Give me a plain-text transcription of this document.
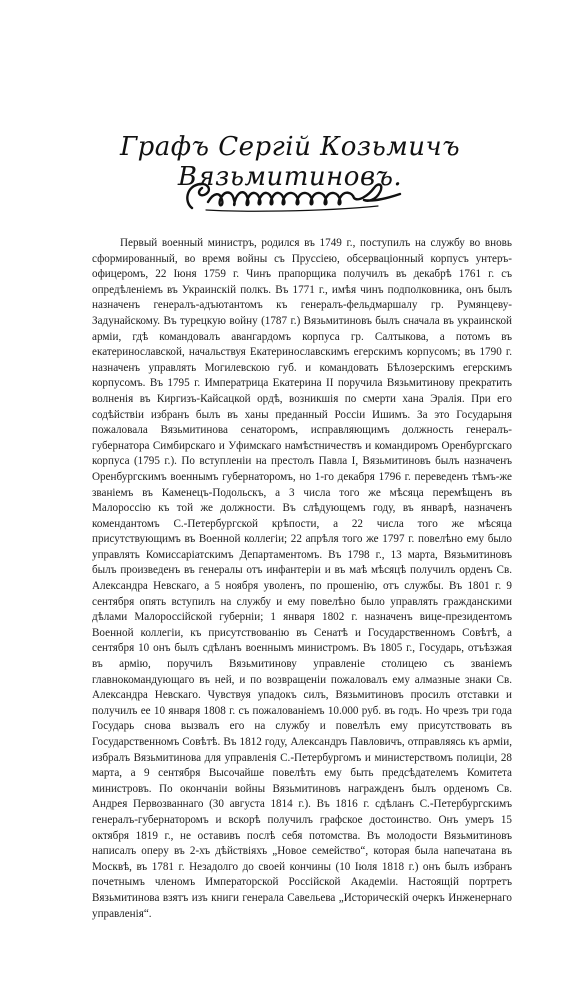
Графъ Сергiй Козьмичъ Вязьмитиновъ.

Первый военный министръ, родился въ 1749 г., поступилъ на службу во вновь сформированный, во время войны съ Пруссiею, обсерваціонный корпусъ унтеръ-офицеромъ, 22 Іюня 1759 г. Чинъ прапорщика получилъ въ декабрѣ 1761 г. съ опредѣленiемъ въ Украинскій полкъ. Въ 1771 г., имѣя чинъ подполковника, онъ былъ назначенъ генералъ-адъютантомъ къ генералъ-фельдмаршалу гр. Румянцеву-Задунайскому. Въ турецкую войну (1787 г.) Вязьмитиновъ былъ сначала въ украинской арміи, гдѣ командовалъ авангардомъ корпуса гр. Салтыкова, а потомъ въ екатеринославской, начальствуя Екатеринославскимъ егерскимъ корпусомъ; въ 1790 г. назначенъ управлять Могилевскою губ. и командовать Бѣлозерскимъ егерскимъ корпусомъ. Въ 1795 г. Императрица Екатерина II поручила Вязьмитинову прекратить волненія въ Киргизъ-Кайсацкой ордѣ, возникшія по смерти хана Эралія. При его содѣйствіи избранъ былъ въ ханы преданный Россіи Ишимъ. За это Государыня пожаловала Вязьмитинова сенаторомъ, исправляющимъ должность генералъ-губернатора Симбирскаго и Уфимскаго намѣстничествъ и командиромъ Оренбургскаго корпуса (1795 г.). По вступленіи на престолъ Павла I, Вязьмитиновъ былъ назначенъ Оренбургскимъ военнымъ губернаторомъ, но 1-го декабря 1796 г. переведенъ тѣмъ-же званіемъ въ Каменецъ-Подольскъ, а 3 числа того же мѣсяца перемѣщенъ въ Малороссію къ той же должности. Въ слѣдующемъ году, въ январѣ, назначенъ комендантомъ С.-Петербургской крѣпости, а 22 числа того же мѣсяца присутствующимъ въ Военной коллегіи; 22 апрѣля того же 1797 г. повелѣно ему было управлять Комиссаріатскимъ Департаментомъ. Въ 1798 г., 13 марта, Вязьмитиновъ былъ произведенъ въ генералы отъ инфантеріи и въ маѣ мѣсяцѣ получилъ орденъ Св. Александра Невскаго, а 5 ноября уволенъ, по прошенію, отъ службы. Въ 1801 г. 9 сентября опять вступилъ на службу и ему повелѣно было управлять гражданскими дѣлами Малороссійской губерніи; 1 января 1802 г. назначенъ вице-президентомъ Военной коллегіи, къ присутствованію въ Сенатѣ и Государственномъ Совѣтѣ, а сентября 10 онъ былъ сдѣланъ военнымъ министромъ. Въ 1805 г., Государь, отъѣзжая въ армію, поручилъ Вязьмитинову управленіе столицею съ званіемъ главнокомандующаго въ ней, и по возвращеніи пожаловалъ ему алмазные знаки Св. Александра Невскаго. Чувствуя упадокъ силъ, Вязьмитиновъ просилъ отставки и получилъ ее 10 января 1808 г. съ пожалованіемъ 10.000 руб. въ годъ. Но чрезъ три года Государь снова вызвалъ его на службу и повелѣлъ ему присутствовать въ Государственномъ Совѣтѣ. Въ 1812 году, Александръ Павловичъ, отправляясь къ арміи, избралъ Вязьмитинова для управленія С.-Петербургомъ и министерствомъ полиціи, 28 марта, а 9 сентября Высочайше повелѣть ему быть предсѣдателемъ Комитета министровъ. По окончаніи войны Вязьмитиновъ награжденъ былъ орденомъ Св. Андрея Первозваннаго (30 августа 1814 г.). Въ 1816 г. сдѣланъ С.-Петербургскимъ генералъ-губернаторомъ и вскорѣ получилъ графское достоинство. Онъ умеръ 15 октября 1819 г., не оставивъ послѣ себя потомства. Въ молодости Вязьмитиновъ написалъ оперу въ 2-хъ дѣйствіяхъ „Новое семейство“, которая была напечатана въ Москвѣ, въ 1781 г. Незадолго до своей кончины (10 Іюля 1818 г.) онъ былъ избранъ почетнымъ членомъ Императорской Россійской Академіи. Настоящій портретъ Вязьмитинова взятъ изъ книги генерала Савельева „Историческій очеркъ Инженернаго управленія“.
